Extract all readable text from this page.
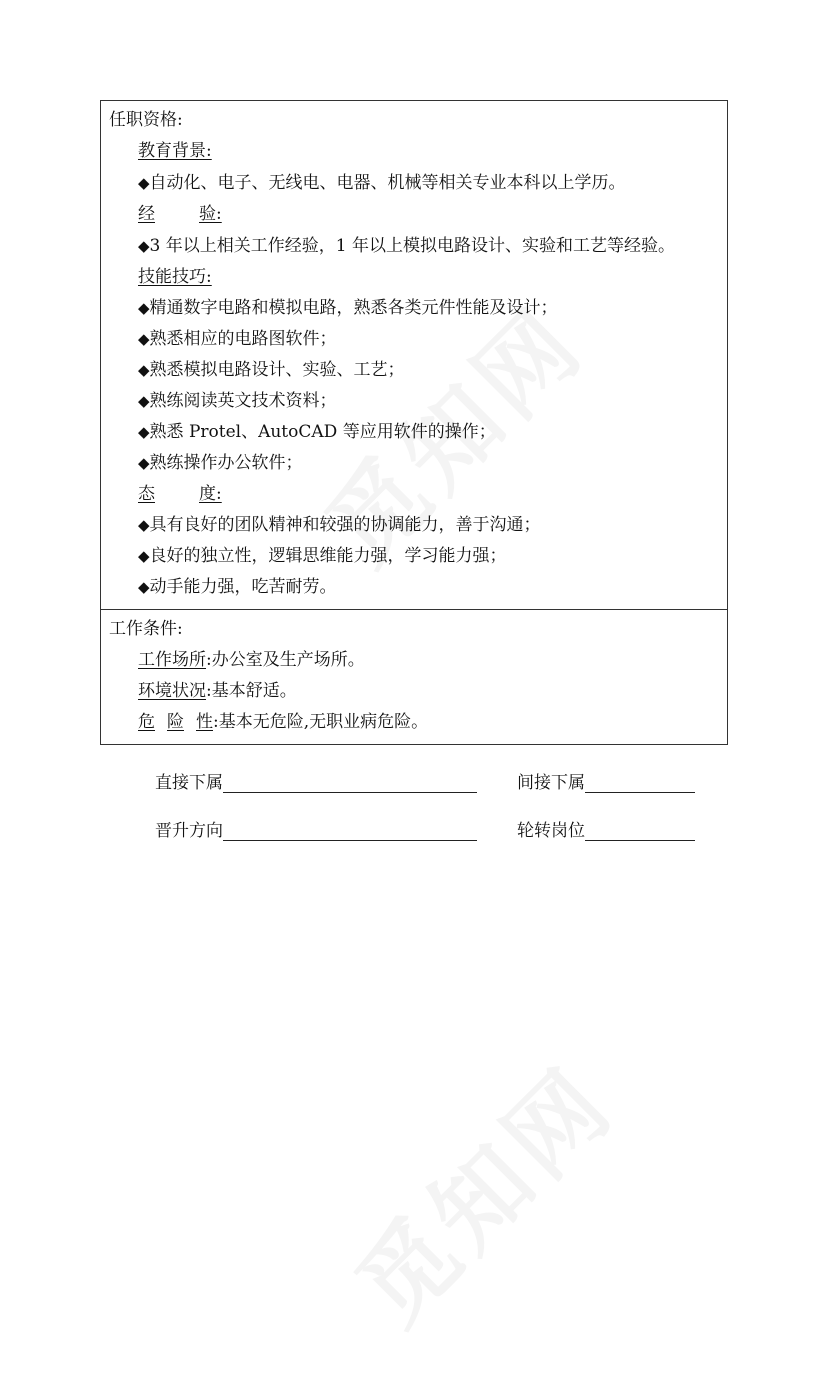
任职资格:
教育背景:
◆自动化、电子、无线电、电器、机械等相关专业本科以上学历。
经	验:
◆3 年以上相关工作经验，1 年以上模拟电路设计、实验和工艺等经验。
技能技巧:
◆精通数字电路和模拟电路，熟悉各类元件性能及设计；
◆熟悉相应的电路图软件；
◆熟悉模拟电路设计、实验、工艺；
◆熟练阅读英文技术资料；
◆熟悉 Protel、AutoCAD 等应用软件的操作；
◆熟练操作办公软件；
态	度:
◆具有良好的团队精神和较强的协调能力，善于沟通；
◆良好的独立性，逻辑思维能力强，学习能力强；
◆动手能力强，吃苦耐劳。
工作条件:
工作场所:办公室及生产场所。
环境状况:基本舒适。
危 险 性:基本无危险,无职业病危险。
直接下属	间接下属
晋升方向	轮转岗位
